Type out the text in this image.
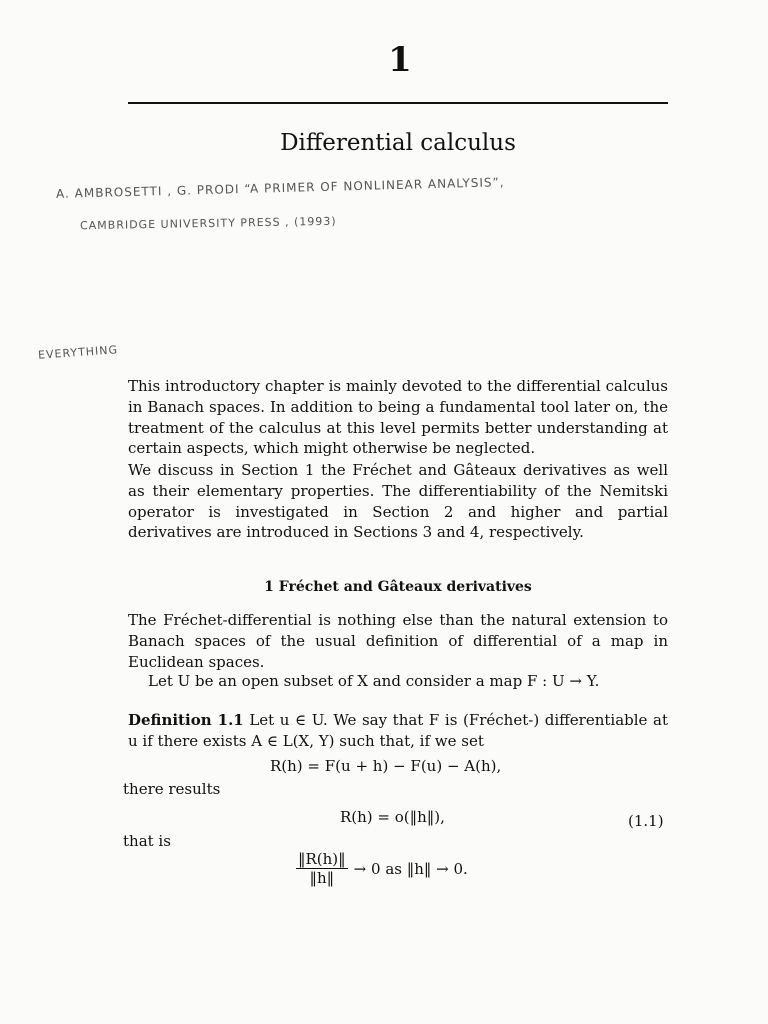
1
Differential calculus
A. AMBROSETTI , G. PRODI “A PRIMER OF NONLINEAR ANALYSIS”,
CAMBRIDGE UNIVERSITY PRESS , (1993)
EVERYTHING
This introductory chapter is mainly devoted to the differential calculus in Banach spaces. In addition to being a fundamental tool later on, the treatment of the calculus at this level permits better understanding at certain aspects, which might otherwise be neglected.
We discuss in Section 1 the Fréchet and Gâteaux derivatives as well as their elementary properties. The differentiability of the Nemitski operator is investigated in Section 2 and higher and partial derivatives are introduced in Sections 3 and 4, respectively.
1 Fréchet and Gâteaux derivatives
The Fréchet-differential is nothing else than the natural extension to Banach spaces of the usual definition of differential of a map in Euclidean spaces.
Let U be an open subset of X and consider a map F : U → Y.
Definition 1.1 Let u ∈ U. We say that F is (Fréchet-) differentiable at u if there exists A ∈ L(X, Y) such that, if we set
R(h) = F(u + h) − F(u) − A(h),
there results
R(h) = o(‖h‖),	(1.1)
that is
$\frac{‖R(h)‖}{‖h‖} \to 0$ as ‖h‖ → 0.
